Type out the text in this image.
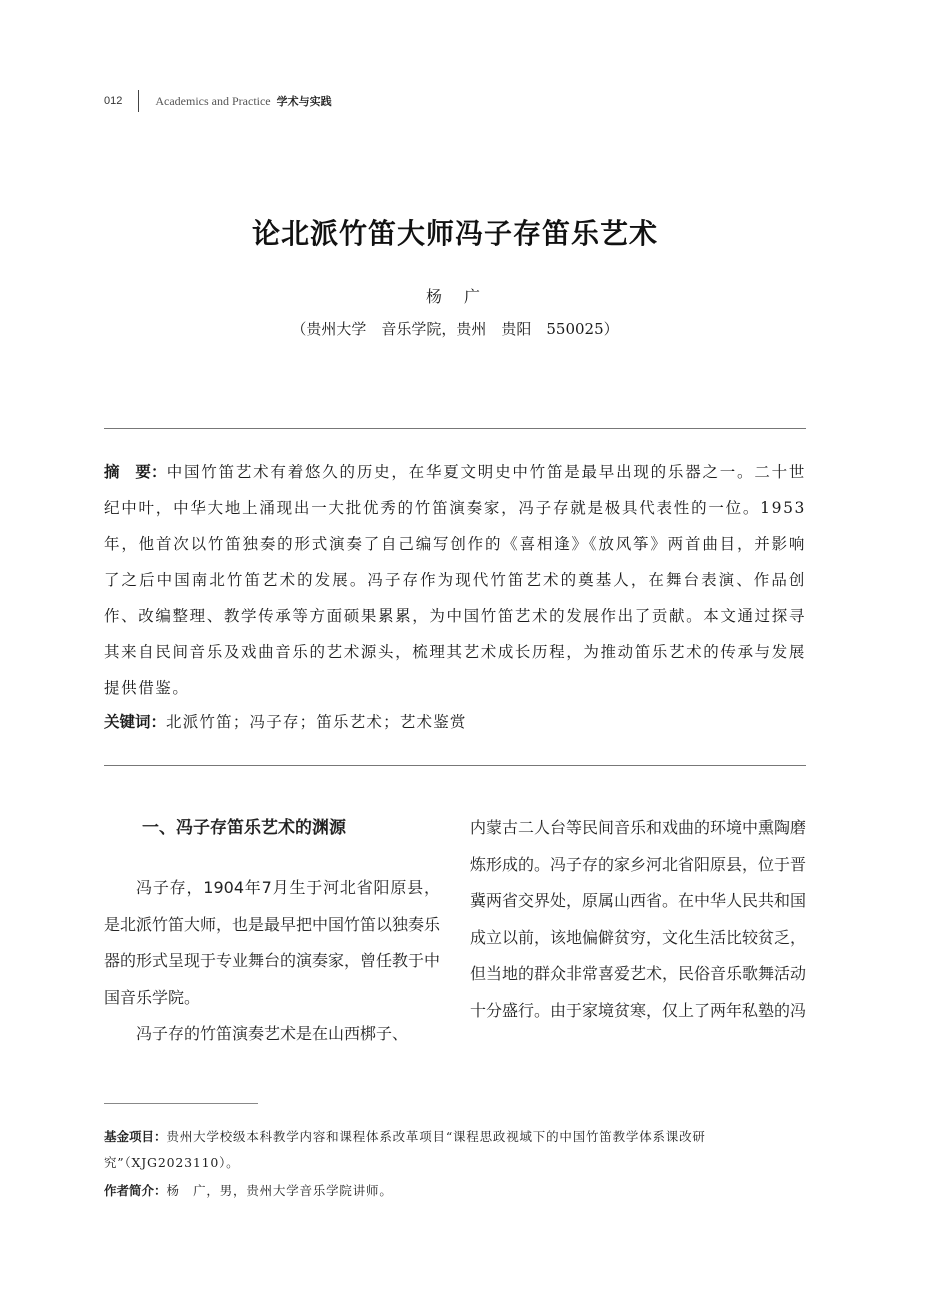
012	Academics and Practice 学术与实践
论北派竹笛大师冯子存笛乐艺术
杨广
（贵州大学　音乐学院，贵州　贵阳　550025）
摘　要：中国竹笛艺术有着悠久的历史，在华夏文明史中竹笛是最早出现的乐器之一。二十世纪中叶，中华大地上涌现出一大批优秀的竹笛演奏家，冯子存就是极具代表性的一位。1953年，他首次以竹笛独奏的形式演奏了自己编写创作的《喜相逢》《放风筝》两首曲目，并影响了之后中国南北竹笛艺术的发展。冯子存作为现代竹笛艺术的奠基人，在舞台表演、作品创作、改编整理、教学传承等方面硕果累累，为中国竹笛艺术的发展作出了贡献。本文通过探寻其来自民间音乐及戏曲音乐的艺术源头，梳理其艺术成长历程，为推动笛乐艺术的传承与发展提供借鉴。
关键词：北派竹笛；冯子存；笛乐艺术；艺术鉴赏
一、冯子存笛乐艺术的渊源

冯子存，1904年7月生于河北省阳原县，是北派竹笛大师，也是最早把中国竹笛以独奏乐器的形式呈现于专业舞台的演奏家，曾任教于中国音乐学院。

冯子存的竹笛演奏艺术是在山西梆子、

内蒙古二人台等民间音乐和戏曲的环境中熏陶磨炼形成的。冯子存的家乡河北省阳原县，位于晋冀两省交界处，原属山西省。在中华人民共和国成立以前，该地偏僻贫穷，文化生活比较贫乏，但当地的群众非常喜爱艺术，民俗音乐歌舞活动十分盛行。由于家境贫寒，仅上了两年私塾的冯

基金项目：贵州大学校级本科教学内容和课程体系改革项目“课程思政视域下的中国竹笛教学体系课改研究”（XJG2023110）。
作者简介：杨　广，男，贵州大学音乐学院讲师。
